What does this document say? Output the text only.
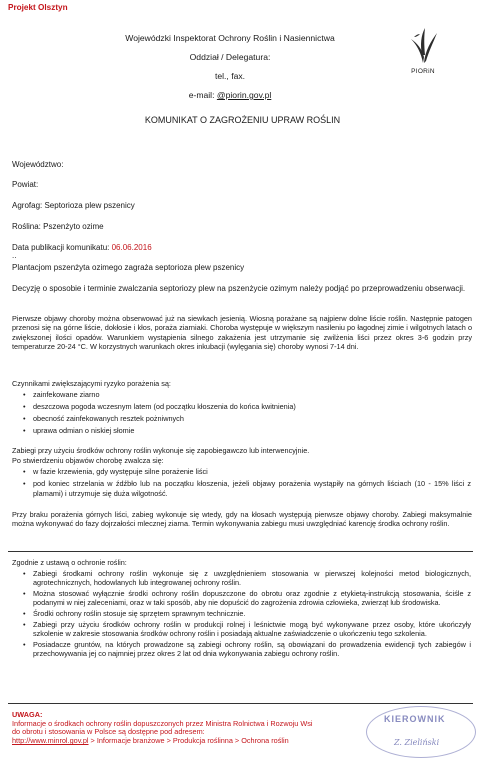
Projekt Olsztyn
Wojewódzki Inspektorat Ochrony Roślin i Nasiennictwa
Oddział / Delegatura:
tel., fax.
e-mail: @piorin.gov.pl
PIORiN
KOMUNIKAT O ZAGROŻENIU UPRAW ROŚLIN
Województwo:
Powiat:
Agrofag: Septorioza plew pszenicy
Roślina: Pszenżyto ozime
Data publikacji komunikatu: 06.06.2016
..
Plantacjom pszenżyta ozimego zagraża septorioza plew pszenicy
Decyzję o sposobie i terminie zwalczania septoriozy plew na pszenżycie ozimym należy podjąć po przeprowadzeniu obserwacji.
Pierwsze objawy choroby można obserwować już na siewkach jesienią. Wiosną porażane są najpierw dolne liście roślin. Następnie patogen przenosi się na górne liście, dokłosie i kłos, poraża ziarniaki. Choroba występuje w większym nasileniu po łagodnej zimie i wilgotnych latach o zwiększonej ilości opadów. Warunkiem wystąpienia silnego zakażenia jest utrzymanie się zwilżenia liści przez okres 3-6 godzin przy temperaturze 20-24 °C. W korzystnych warunkach okres inkubacji (wylęgania się) choroby wynosi 7-14 dni.
Czynnikami zwiększającymi ryzyko porażenia są:
• zainfekowane ziarno
• deszczowa pogoda wczesnym latem (od początku kłoszenia do końca kwitnienia)
• obecność zainfekowanych resztek pożniwnych
• uprawa odmian o niskiej słomie
Zabiegi przy użyciu środków ochrony roślin wykonuje się zapobiegawczo lub interwencyjnie.
Po stwierdzeniu objawów chorobę zwalcza się:
• w fazie krzewienia, gdy występuje silne porażenie liści
• pod koniec strzelania w źdźbło lub na początku kłoszenia, jeżeli objawy porażenia wystąpiły na górnych liściach (10 - 15% liści z plamami) i utrzymuje się duża wilgotność.
Przy braku porażenia górnych liści, zabieg wykonuje się wtedy, gdy na kłosach występują pierwsze objawy choroby. Zabiegi maksymalnie można wykonywać do fazy dojrzałości mlecznej ziarna. Termin wykonywania zabiegu musi uwzględniać karencję środka ochrony roślin.
Zgodnie z ustawą o ochronie roślin:
• Zabiegi środkami ochrony roślin wykonuje się z uwzględnieniem stosowania w pierwszej kolejności metod biologicznych, agrotechnicznych, hodowlanych lub integrowanej ochrony roślin.
• Można stosować wyłącznie środki ochrony roślin dopuszczone do obrotu oraz zgodnie z etykietą-instrukcją stosowania, ściśle z podanymi w niej zaleceniami, oraz w taki sposób, aby nie dopuścić do zagrożenia zdrowia człowieka, zwierząt lub środowiska.
• Środki ochrony roślin stosuje się sprzętem sprawnym technicznie.
• Zabiegi przy użyciu środków ochrony roślin w produkcji rolnej i leśnictwie mogą być wykonywane przez osoby, które ukończyły szkolenie w zakresie stosowania środków ochrony roślin i posiadają aktualne zaświadczenie o ukończeniu tego szkolenia.
• Posiadacze gruntów, na których prowadzone są zabiegi ochrony roślin, są obowiązani do prowadzenia ewidencji tych zabiegów i przechowywania jej co najmniej przez okres 2 lat od dnia wykonywania zabiegu ochrony roślin.
UWAGA:
Informacje o środkach ochrony roślin dopuszczonych przez Ministra Rolnictwa i Rozwoju Wsi
do obrotu i stosowania w Polsce są dostępne pod adresem:
http://www.minrol.gov.pl > Informacje branżowe > Produkcja roślinna > Ochrona roślin
KIEROWNIK
Z. Zieliński
